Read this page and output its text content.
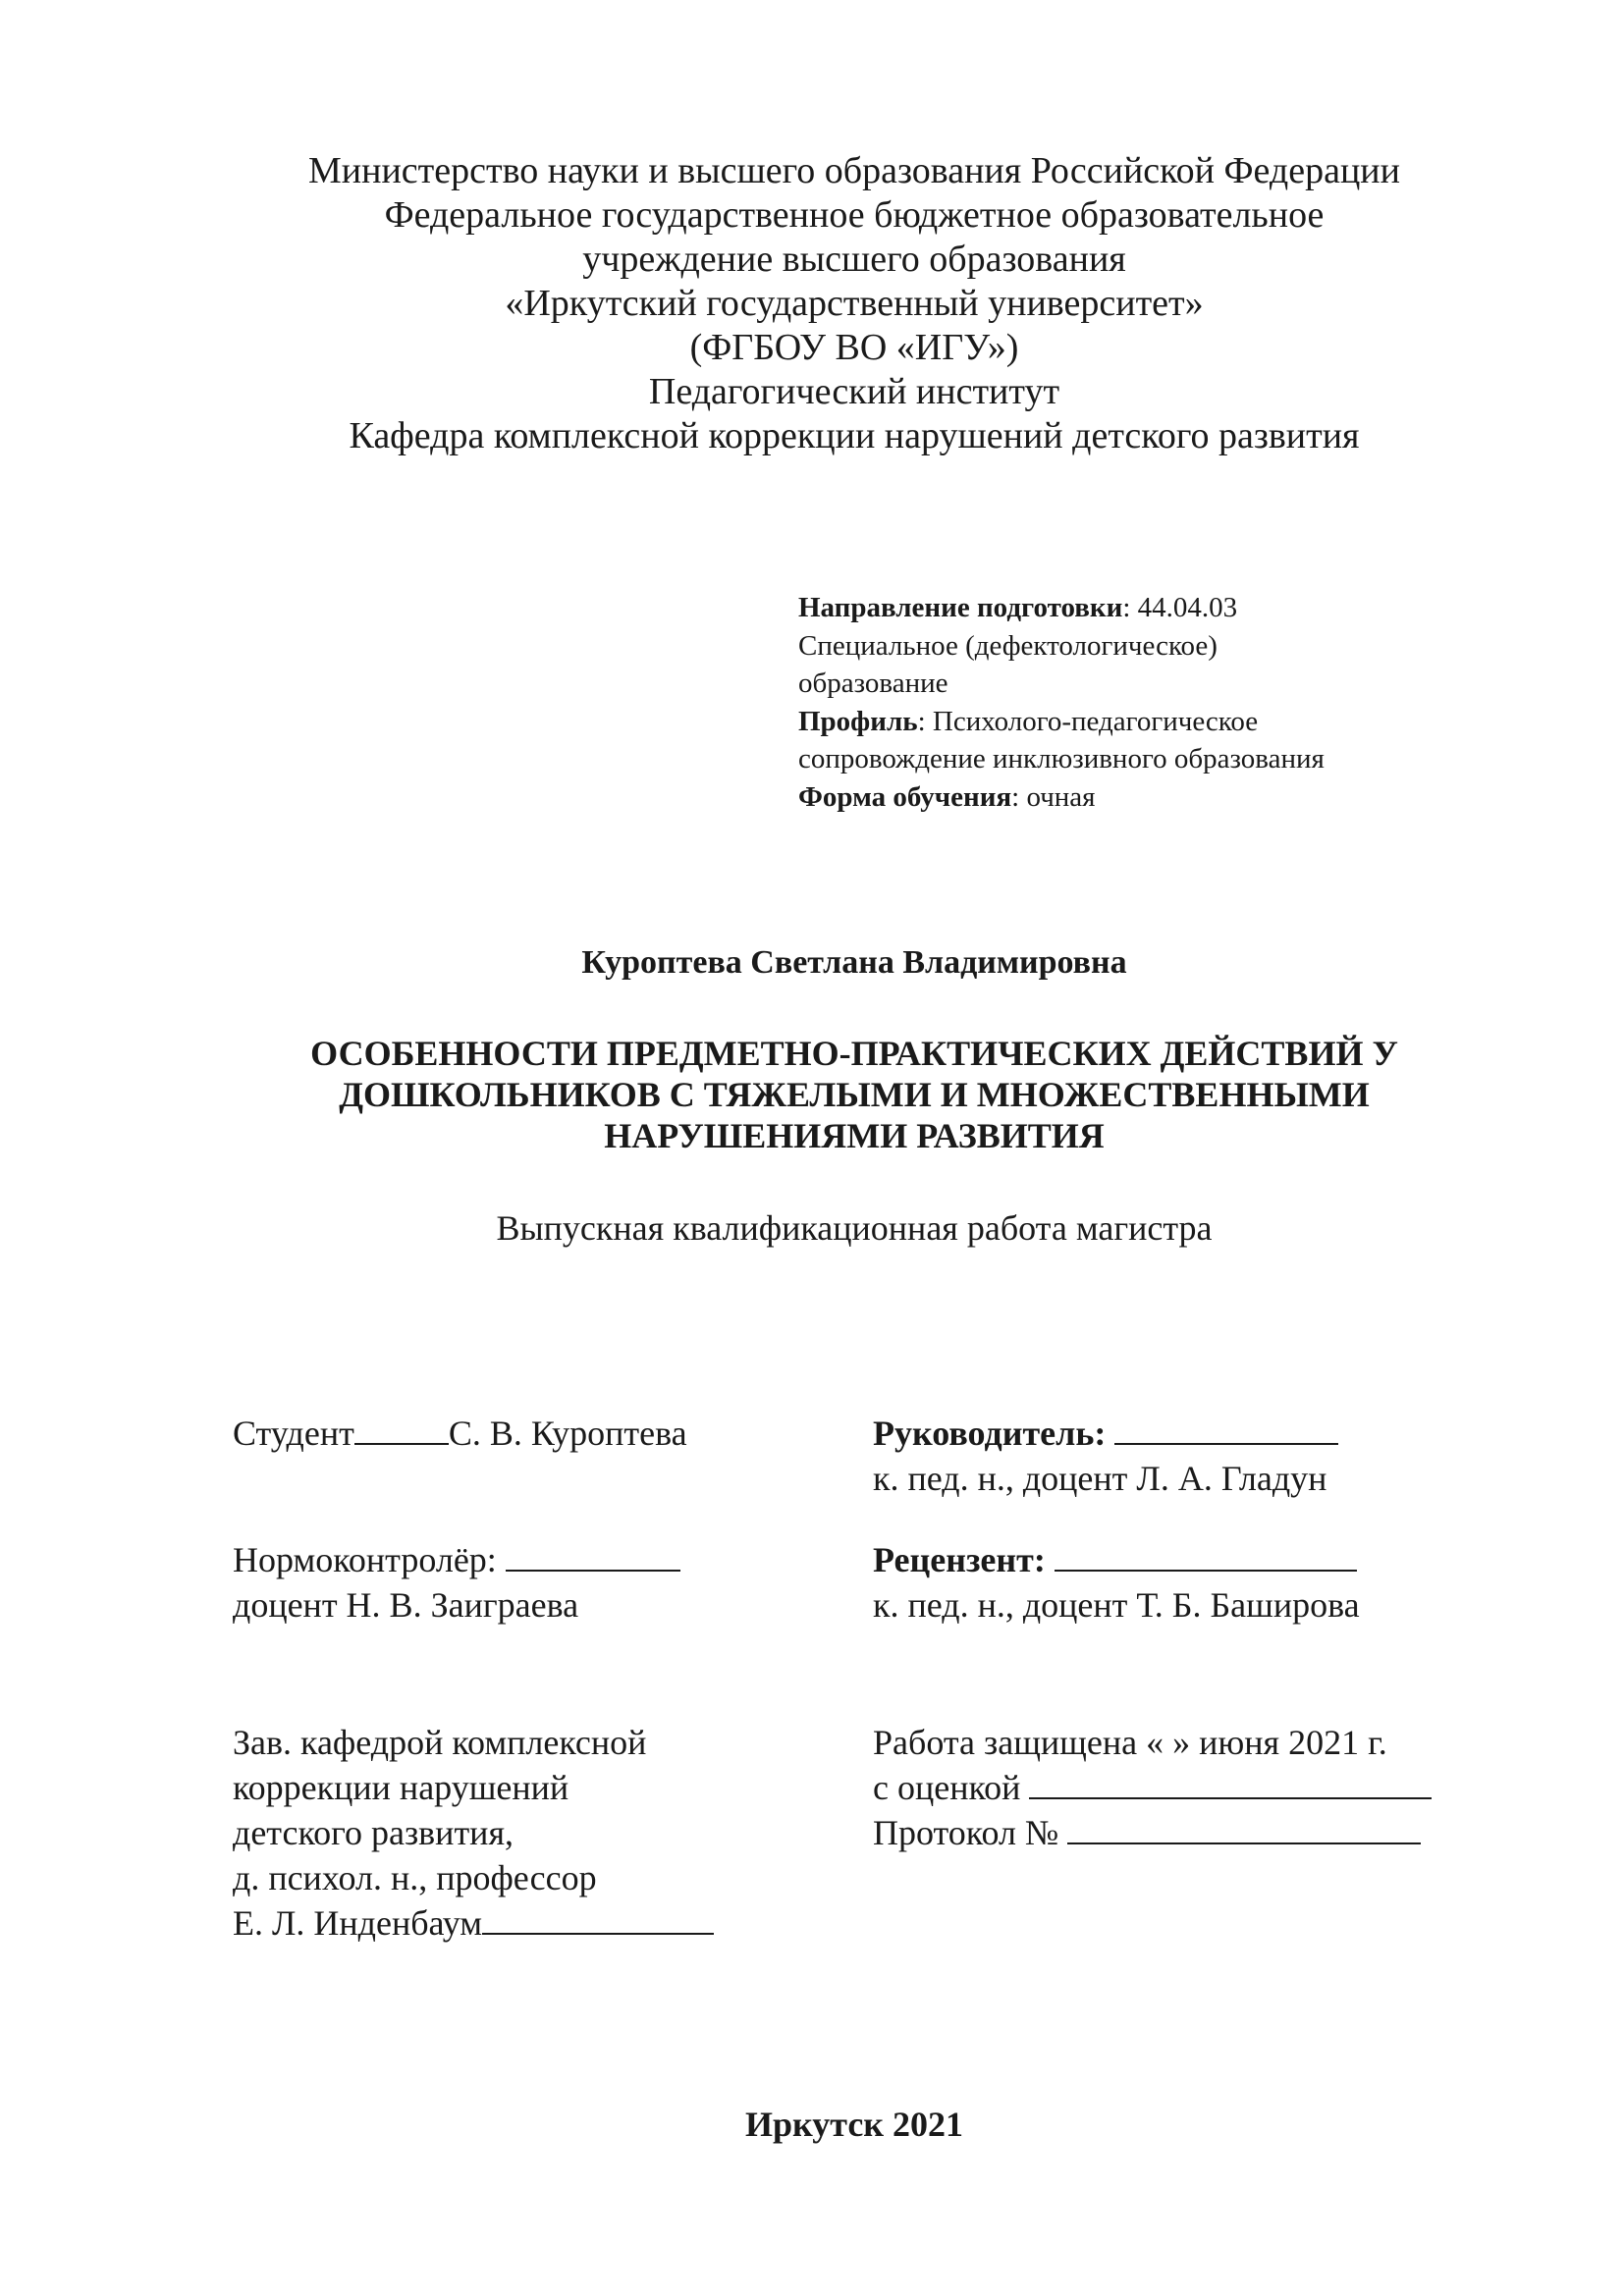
Министерство науки и высшего образования Российской Федерации
Федеральное государственное бюджетное образовательное
учреждение высшего образования
«Иркутский государственный университет»
(ФГБОУ ВО «ИГУ»)
Педагогический институт
Кафедра комплексной коррекции нарушений детского развития
Направление подготовки: 44.04.03
Специальное (дефектологическое)
образование
Профиль: Психолого-педагогическое
сопровождение инклюзивного образования
Форма обучения: очная
Куроптева Светлана Владимировна
ОСОБЕННОСТИ ПРЕДМЕТНО-ПРАКТИЧЕСКИХ ДЕЙСТВИЙ У
ДОШКОЛЬНИКОВ С ТЯЖЕЛЫМИ И МНОЖЕСТВЕННЫМИ
НАРУШЕНИЯМИ РАЗВИТИЯ
Выпускная квалификационная работа магистра
Студент	С. В. Куроптева	Руководитель:
к. пед. н., доцент Л. А. Гладун
Нормоконтролёр:
доцент Н. В. Заиграева
Рецензент:
к. пед. н., доцент Т. Б. Баширова
Зав. кафедрой комплексной
коррекции нарушений
детского развития,
д. психол. н., профессор
Е. Л. Инденбаум
Работа защищена « » июня 2021 г.
с оценкой
Протокол №
Иркутск 2021
